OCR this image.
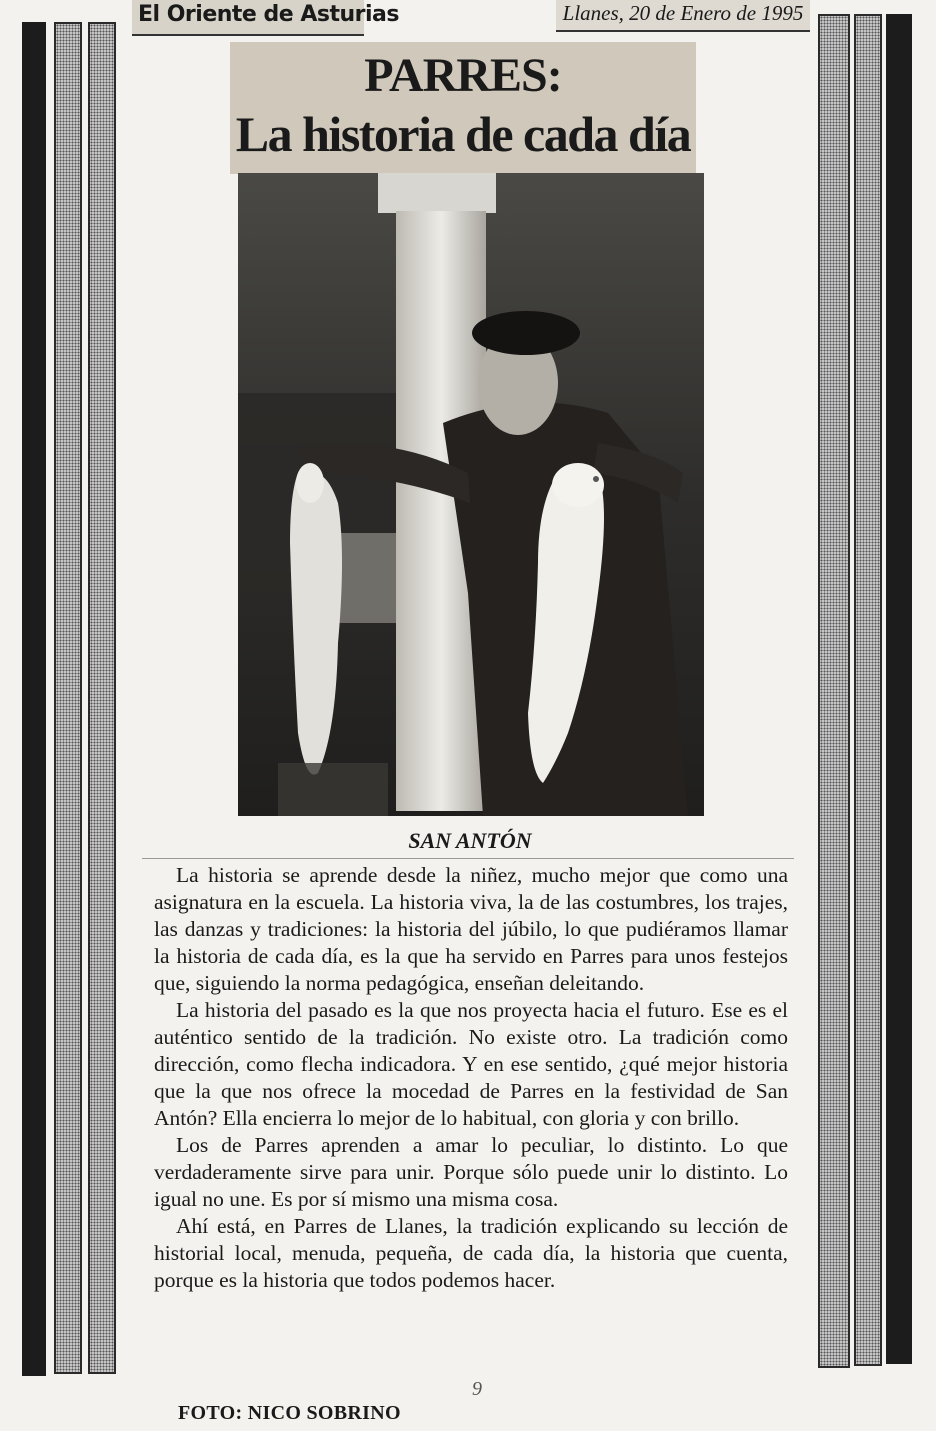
El Oriente de Asturias	Llanes, 20 de Enero de 1995
PARRES:
La historia de cada día
SAN ANTÓN

La historia se aprende desde la niñez, mucho mejor que como una asignatura en la escuela. La historia viva, la de las costumbres, los trajes, las danzas y tradiciones: la historia del júbilo, lo que pudiéramos llamar la historia de cada día, es la que ha servido en Parres para unos festejos que, siguiendo la norma pedagógica, enseñan deleitando.

La historia del pasado es la que nos proyecta hacia el futuro. Ese es el auténtico sentido de la tradición. No existe otro. La tradición como dirección, como flecha indicadora. Y en ese sentido, ¿qué mejor historia que la que nos ofrece la mocedad de Parres en la festividad de San Antón? Ella encierra lo mejor de lo habitual, con gloria y con brillo.

Los de Parres aprenden a amar lo peculiar, lo distinto. Lo que verdaderamente sirve para unir. Porque sólo puede unir lo distinto. Lo igual no une. Es por sí mismo una misma cosa.

Ahí está, en Parres de Llanes, la tradición explicando su lección de historial local, menuda, pequeña, de cada día, la historia que cuenta, porque es la historia que todos podemos hacer.

9
FOTO: NICO SOBRINO
